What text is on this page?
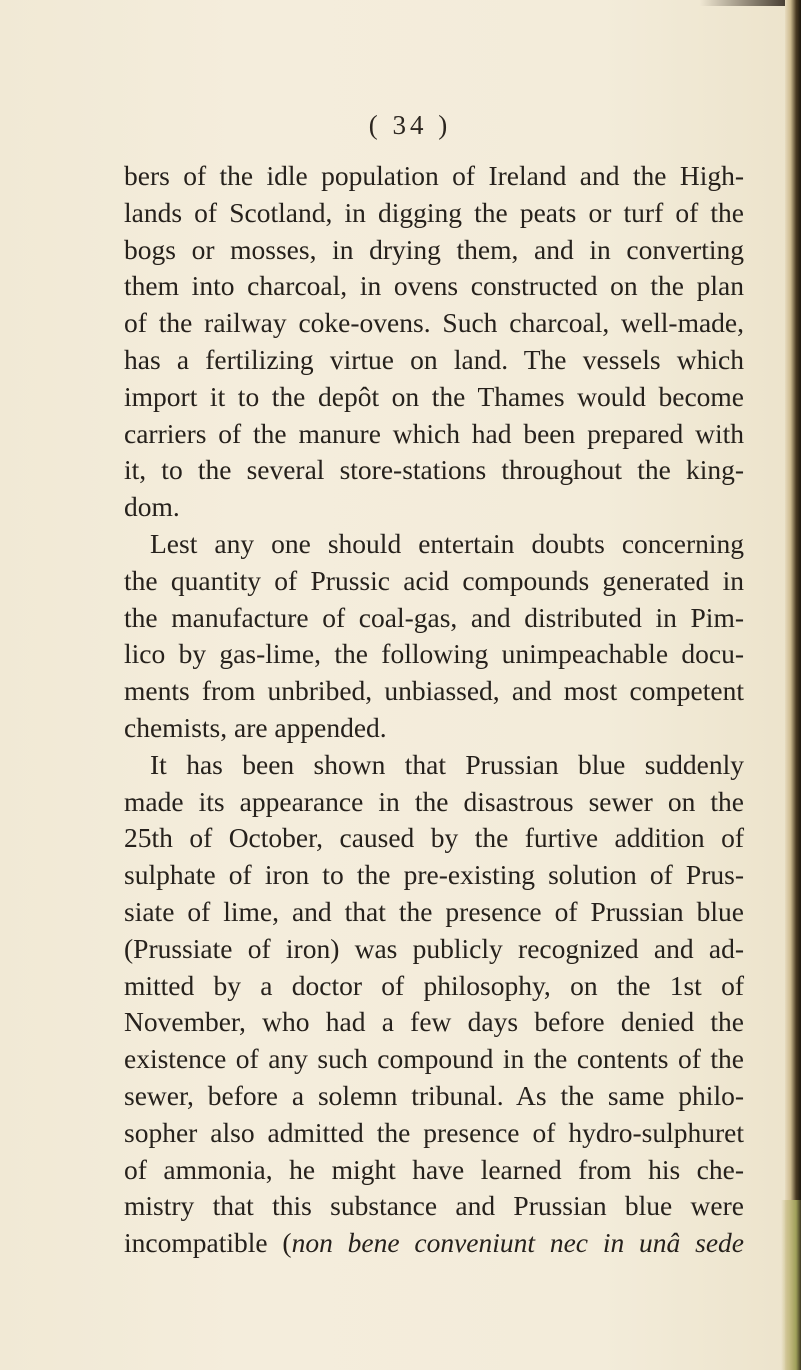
( 34 )
bers of the idle population of Ireland and the High-
lands of Scotland, in digging the peats or turf of the
bogs or mosses, in drying them, and in converting
them into charcoal, in ovens constructed on the plan
of the railway coke-ovens. Such charcoal, well-made,
has a fertilizing virtue on land. The vessels which
import it to the depôt on the Thames would become
carriers of the manure which had been prepared with
it, to the several store-stations throughout the king-
dom.
Lest any one should entertain doubts concerning
the quantity of Prussic acid compounds generated in
the manufacture of coal-gas, and distributed in Pim-
lico by gas-lime, the following unimpeachable docu-
ments from unbribed, unbiassed, and most competent
chemists, are appended.
It has been shown that Prussian blue suddenly
made its appearance in the disastrous sewer on the
25th of October, caused by the furtive addition of
sulphate of iron to the pre-existing solution of Prus-
siate of lime, and that the presence of Prussian blue
(Prussiate of iron) was publicly recognized and ad-
mitted by a doctor of philosophy, on the 1st of
November, who had a few days before denied the
existence of any such compound in the contents of the
sewer, before a solemn tribunal. As the same philo-
sopher also admitted the presence of hydro-sulphuret
of ammonia, he might have learned from his che-
mistry that this substance and Prussian blue were
incompatible (non bene conveniunt nec in unâ sede
